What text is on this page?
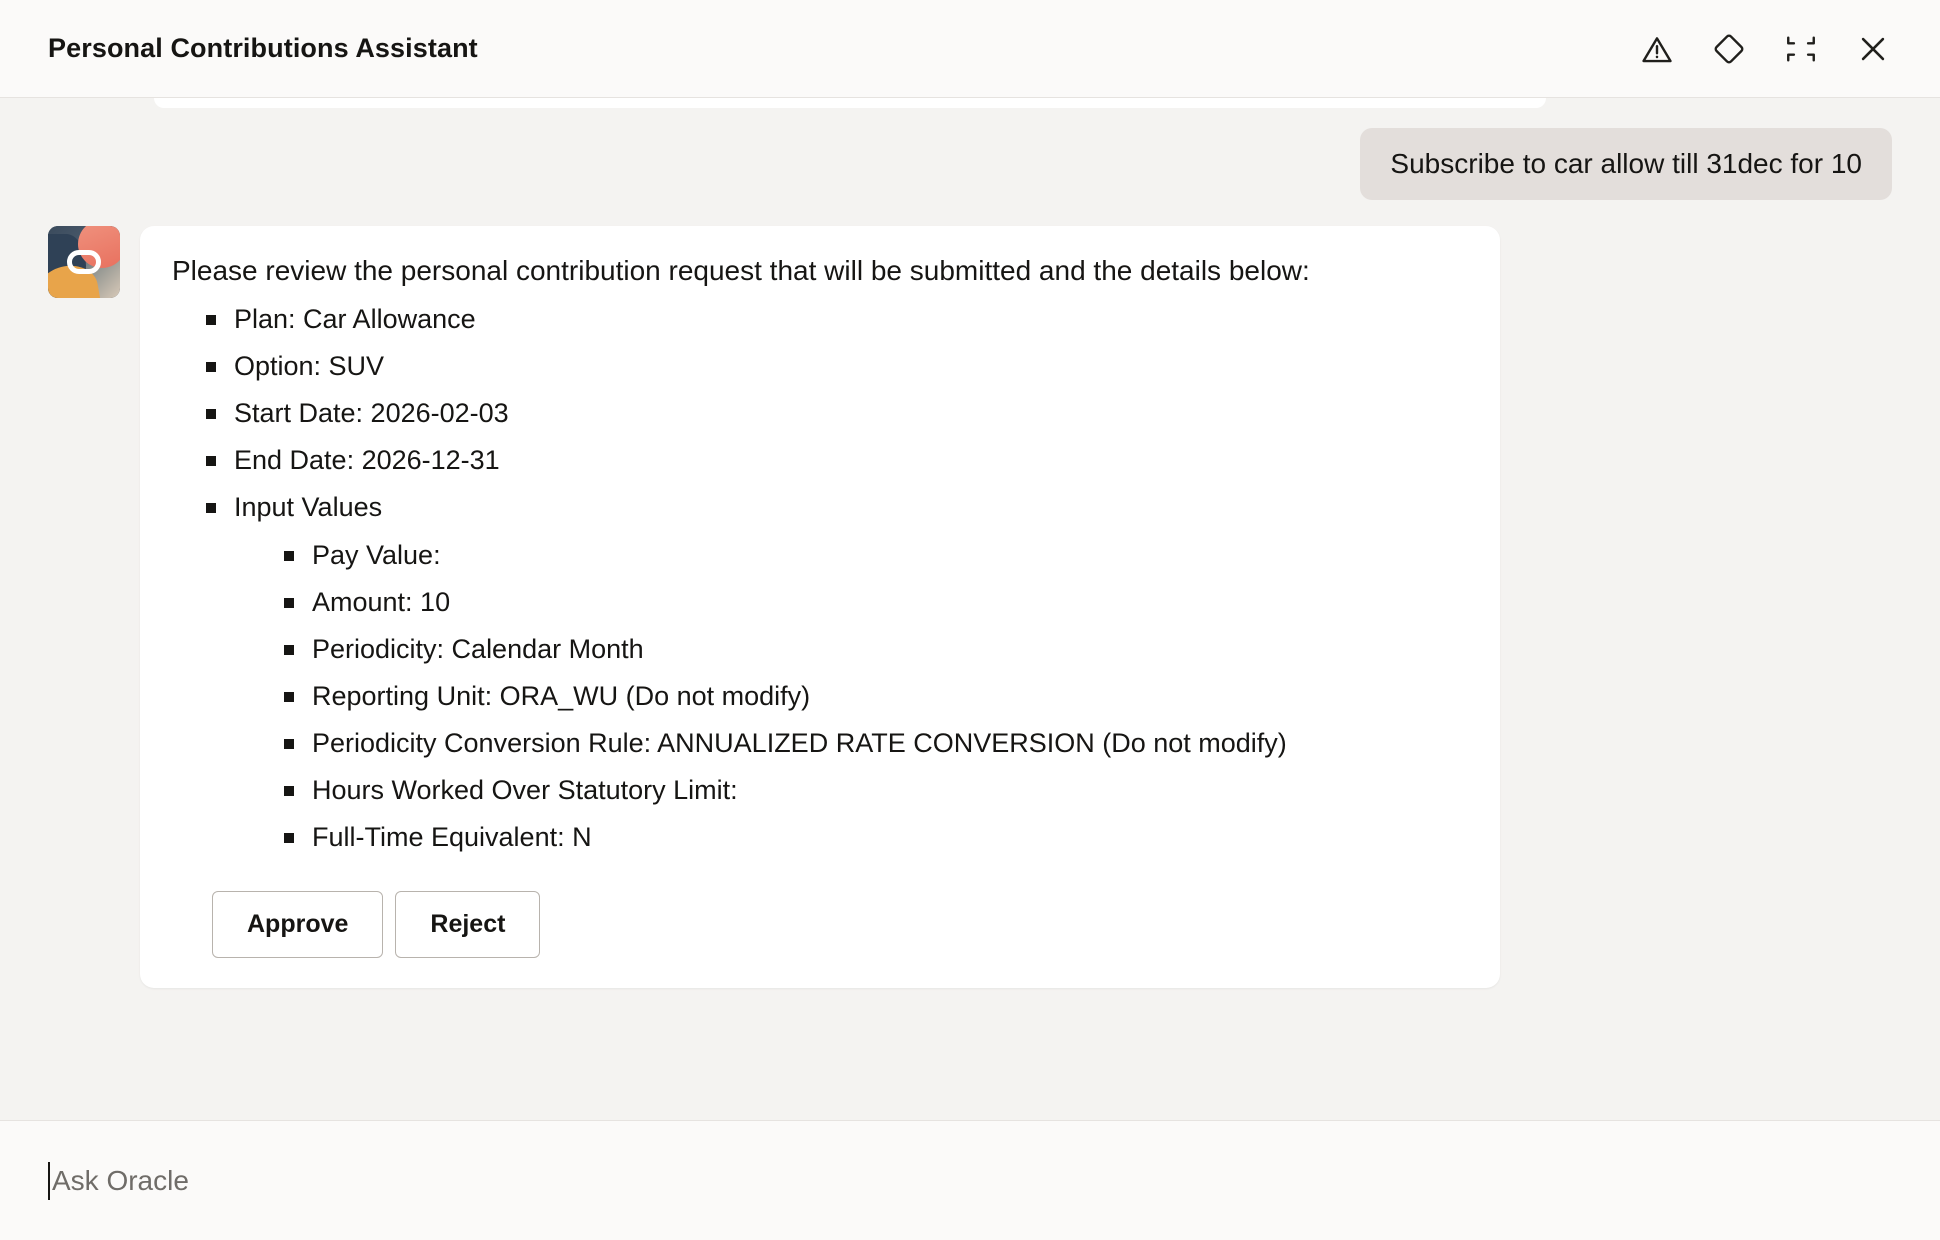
Personal Contributions Assistant
Subscribe to car allow till 31dec for 10
Please review the personal contribution request that will be submitted and the details below:
Plan: Car Allowance
Option: SUV
Start Date: 2026-02-03
End Date: 2026-12-31
Input Values
Pay Value:
Amount: 10
Periodicity: Calendar Month
Reporting Unit: ORA_WU (Do not modify)
Periodicity Conversion Rule: ANNUALIZED RATE CONVERSION (Do not modify)
Hours Worked Over Statutory Limit:
Full-Time Equivalent: N
Approve	Reject
Ask Oracle
